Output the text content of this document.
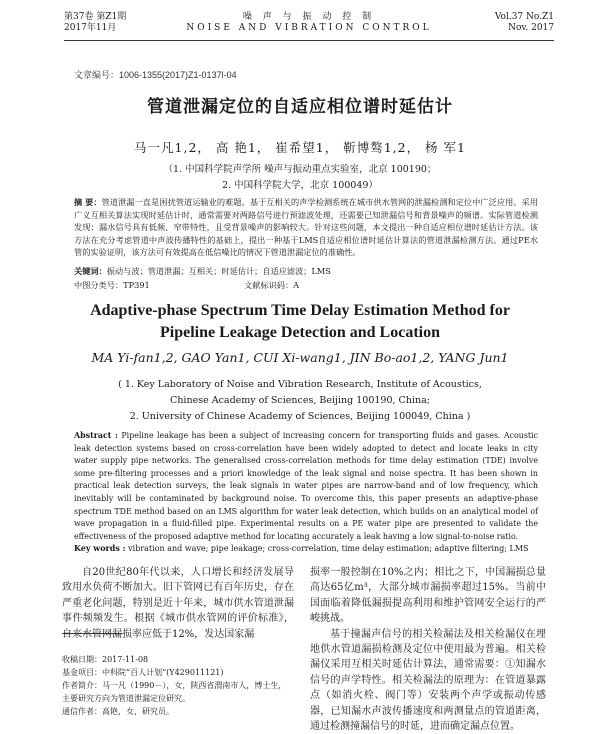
第37卷 第Z1期
2017年11月
噪 声 与 振 动 控 制
NOISE AND VIBRATION CONTROL
Vol.37 No.Z1
Nov. 2017
文章编号：1006-1355(2017)Z1-0137l-04
管道泄漏定位的自适应相位谱时延估计
马一凡1,2， 高 艳1， 崔希望1， 靳博骜1,2， 杨 军1
（1. 中国科学院声学所 噪声与振动重点实验室，北京 100190；
2. 中国科学院大学，北京 100049）
摘 要：管道泄漏一直是困扰管道运输业的难题。基于互相关的声学检测系统在城市供水管网的泄漏检测和定位中广泛应用。采用广义互相关算法实现时延估计时，通常需要对两路信号进行预滤波处理，还需要已知泄漏信号和背景噪声的频谱。实际管道检测发现：漏水信号具有低频、窄带特性，且受背景噪声的影响较大。针对这些问题，本文提出一种自适应相位谱时延估计方法。该方法在充分考虑管道中声波传播特性的基础上，提出一种基于LMS自适应相位谱时延估计算法的管道泄漏检测方法。通过PE水管的实验证明，该方法可有效提高在低信噪比的情况下管道泄漏定位的准确性。
关键词：振动与波；管道泄漏；互相关；时延估计；自适应滤波；LMS
中图分类号：TP391	文献标识码：A
Adaptive-phase Spectrum Time Delay Estimation Method for
Pipeline Leakage Detection and Location
MA Yi-fan1,2, GAO Yan1, CUI Xi-wang1, JIN Bo-ao1,2, YANG Jun1
( 1. Key Laboratory of Noise and Vibration Research, Institute of Acoustics,
Chinese Academy of Sciences, Beijing 100190, China;
2. University of Chinese Academy of Sciences, Beijing 100049, China )
Abstract : Pipeline leakage has been a subject of increasing concern for transporting fluids and gases. Acoustic leak detection systems based on cross-correlation have been widely adopted to detect and locate leaks in city water supply pipe networks. The generalised cross-correlation methods for time delay estimation (TDE) involve some pre-filtering processes and a priori knowledge of the leak signal and noise spectra. It has been shown in practical leak detection surveys, the leak signals in water pipes are narrow-band and of low frequency, which inevitably will be contaminated by background noise. To overcome this, this paper presents an adaptive-phase spectrum TDE method based on an LMS algorithm for water leak detection, which builds on an analytical model of wave propagation in a fluid-filled pipe. Experimental results on a PE water pipe are presented to validate the effectiveness of the proposed adaptive method for locating accurately a leak having a low signal-to-noise ratio.
Key words : vibration and wave; pipe leakage; cross-correlation, time delay estimation; adaptive filtering; LMS
自20世纪80年代以来，人口增长和经济发展导致用水负荷不断加大。旧下管网已有百年历史，存在严重老化问题，特别是近十年来，城市供水管道泄漏事件频频发生。根据《城市供水管网的评价标准》，自来水管网漏损率应低于12%，发达国家漏
收稿日期：2017-11-08
基金项目：中科院“百人计划”(Y429011121)
作者简介：马一凡（1990－），女，陕西省渭南市人，博士生，主要研究方向为管道泄漏定位研究。
通信作者：高艳，女，研究员。
损率一般控制在10%之内；相比之下，中国漏损总量高达65亿m³，大部分城市漏损率超过15%。当前中国面临着降低漏损提高利用和维护管网安全运行的严峻挑战。
基于撞漏声信号的相关检漏法及相关检漏仪在埋地供水管道漏损检测及定位中使用最为普遍。相关检漏仪采用互相关时延估计算法，通常需要：①知漏水信号的声学特性。相关检漏法的原理为：在管道暴露点（如消火栓、阀门等）安装两个声学或振动传感器，已知漏水声波传播速度和两测量点的管道距离，通过检测撞漏信号的时延，进而确定漏点位置。
